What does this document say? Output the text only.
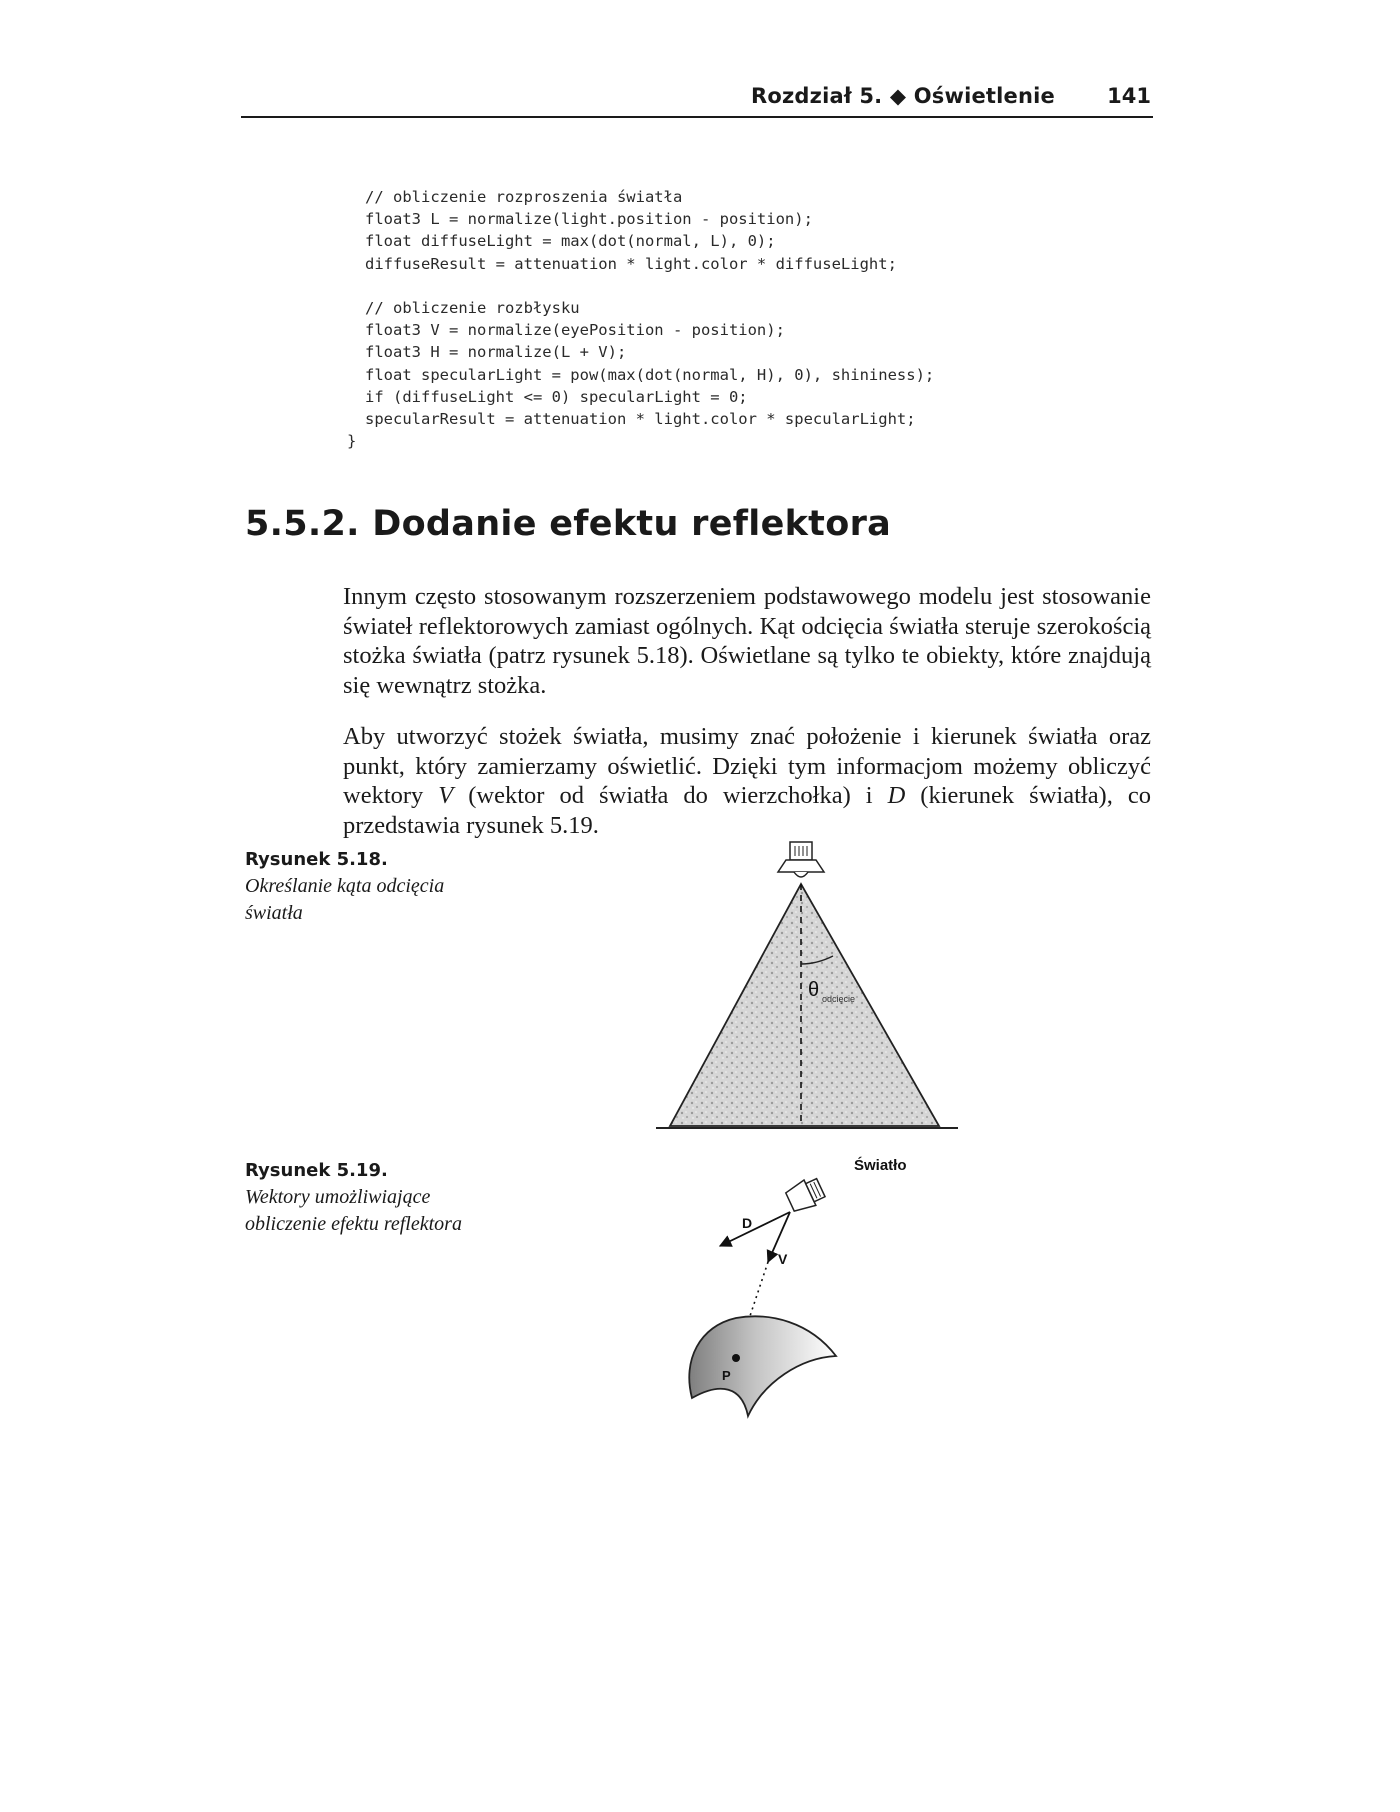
Rozdział 5. ◆ Oświetlenie 141
// obliczenie rozproszenia światła
float3 L = normalize(light.position - position);
float diffuseLight = max(dot(normal, L), 0);
diffuseResult = attenuation * light.color * diffuseLight;
// obliczenie rozbłysku
float3 V = normalize(eyePosition - position);
float3 H = normalize(L + V);
float specularLight = pow(max(dot(normal, H), 0), shininess);
if (diffuseLight <= 0) specularLight = 0;
specularResult = attenuation * light.color * specularLight;
}
5.5.2. Dodanie efektu reflektora

Innym często stosowanym rozszerzeniem podstawowego modelu jest stosowanie świateł reflektorowych zamiast ogólnych. Kąt odcięcia światła steruje szerokością stożka światła (patrz rysunek 5.18). Oświetlane są tylko te obiekty, które znajdują się wewnątrz stożka.

Aby utworzyć stożek światła, musimy znać położenie i kierunek światła oraz punkt, który zamierzamy oświetlić. Dzięki tym informacjom możemy obliczyć wektory V (wektor od światła do wierzchołka) i D (kierunek światła), co przedstawia rysunek 5.19.

Rysunek 5.18.
Określanie kąta odcięcia światła
θ odcięcie
Rysunek 5.19.
Wektory umożliwiające obliczenie efektu reflektora
Światło
D
V
P
